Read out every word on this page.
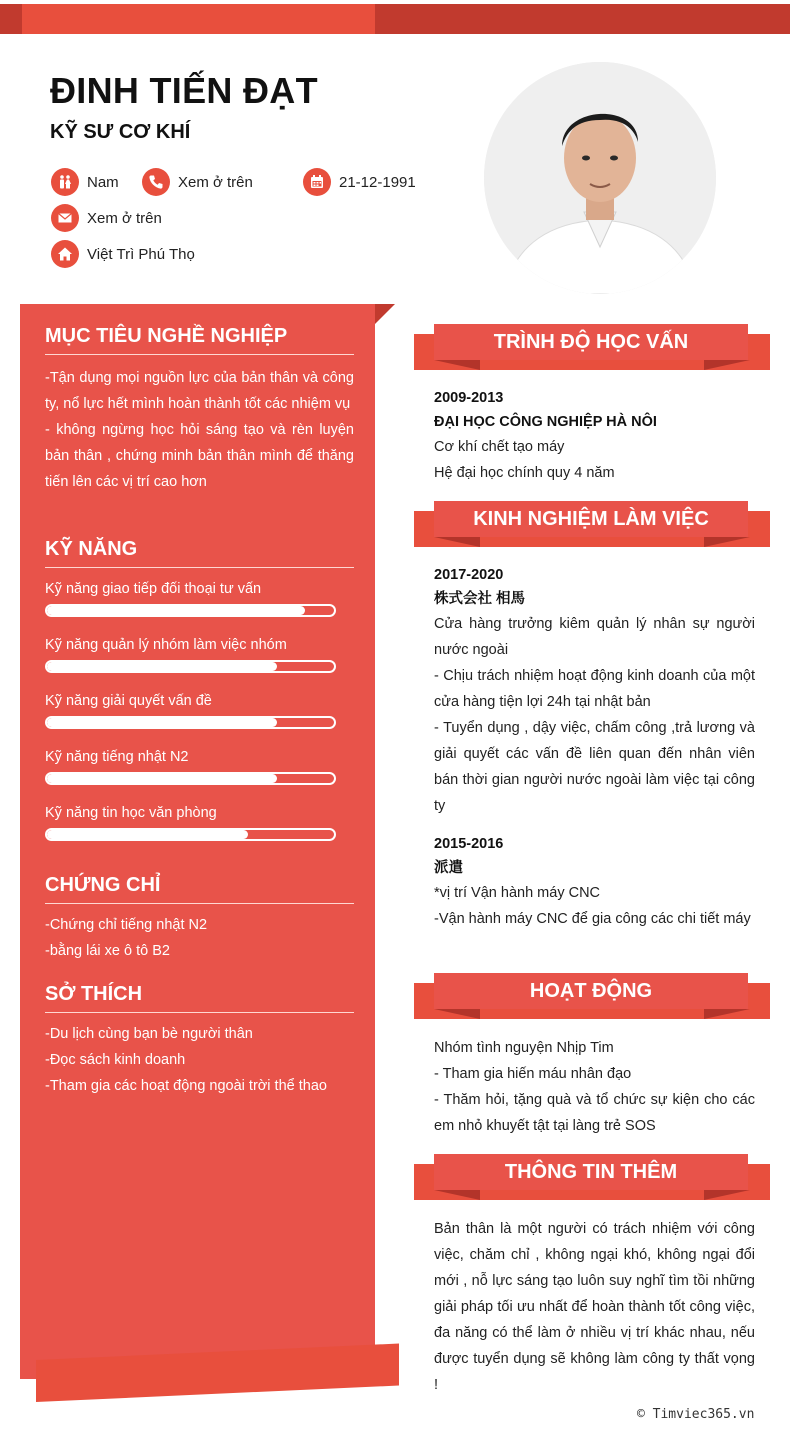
ĐINH TIẾN ĐẠT
KỸ SƯ CƠ KHÍ
Nam	Xem ở trên	21-12-1991
Xem ở trên
Việt Trì Phú Thọ
MỤC TIÊU NGHỀ NGHIỆP
-Tận dụng mọi nguồn lực của bản thân và công ty, nổ lực hết mình hoàn thành tốt các nhiệm vụ
- không ngừng học hỏi sáng tạo và rèn luyện bản thân , chứng minh bản thân mình để thăng tiến lên các vị trí cao hơn
KỸ NĂNG
Kỹ năng giao tiếp đối thoại tư vấn
Kỹ năng quản lý nhóm làm việc nhóm
Kỹ năng giải quyết vấn đề
Kỹ năng tiếng nhật N2
Kỹ năng tin học văn phòng
CHỨNG CHỈ
-Chứng chỉ tiếng nhật N2
-bằng lái xe ô tô B2
SỞ THÍCH
-Du lịch cùng bạn bè người thân
-Đọc sách kinh doanh
-Tham gia các hoạt động ngoài trời thể thao
TRÌNH ĐỘ HỌC VẤN
2009-2013
ĐẠI HỌC CÔNG NGHIỆP HÀ NÔI
Cơ khí chết tạo máy
Hệ đại học chính quy 4 năm
KINH NGHIỆM LÀM VIỆC
2017-2020
株式会社 相馬
Cửa hàng trưởng kiêm quản lý nhân sự người nước ngoài
- Chịu trách nhiệm hoạt động kinh doanh của một cửa hàng tiện lợi 24h tại nhật bản
- Tuyển dụng , dậy việc, chấm công ,trả lương và giải quyết các vấn đề liên quan đến nhân viên bán thời gian người nước ngoài làm việc tại công ty
2015-2016
派遣
*vị trí Vận hành máy CNC
-Vận hành máy CNC để gia công các chi tiết máy
HOẠT ĐỘNG
Nhóm tình nguyện Nhịp Tim
- Tham gia hiến máu nhân đạo
- Thăm hỏi, tặng quà và tổ chức sự kiện cho các em nhỏ khuyết tật tại làng trẻ SOS
THÔNG TIN THÊM
Bản thân là một người có trách nhiệm với công việc, chăm chỉ , không ngại khó, không ngại đổi mới , nỗ lực sáng tạo luôn suy nghĩ tìm tồi những giải pháp tối ưu nhất để hoàn thành tốt công việc, đa năng có thể làm ở nhiều vị trí khác nhau, nếu được tuyển dụng sẽ không làm công ty thất vọng !
© Timviec365.vn
